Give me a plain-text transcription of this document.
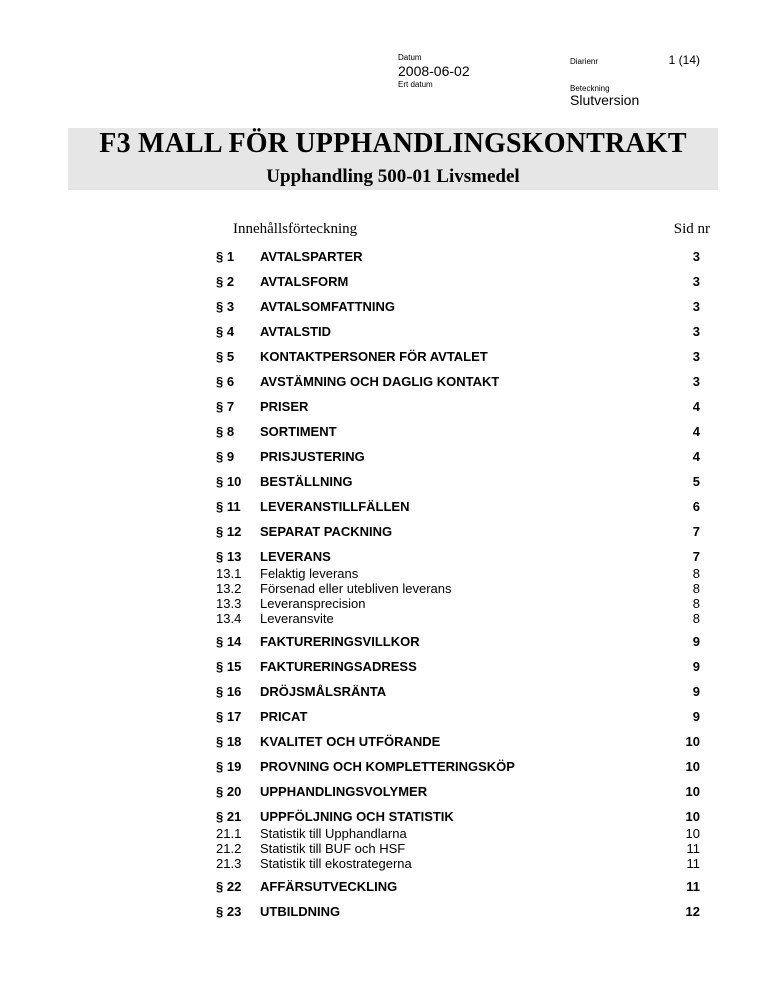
Datum
2008-06-02
Ert datum
Diarienr	1 (14)
Beteckning
Slutversion
F3 MALL FÖR UPPHANDLINGSKONTRAKT
Upphandling 500-01 Livsmedel
Innehållsförteckning	Sid nr
§ 1	AVTALSPARTER	3
§ 2	AVTALSFORM	3
§ 3	AVTALSOMFATTNING	3
§ 4	AVTALSTID	3
§ 5	KONTAKTPERSONER FÖR AVTALET	3
§ 6	AVSTÄMNING OCH DAGLIG KONTAKT	3
§ 7	PRISER	4
§ 8	SORTIMENT	4
§ 9	PRISJUSTERING	4
§ 10	BESTÄLLNING	5
§ 11	LEVERANSTILLFÄLLEN	6
§ 12	SEPARAT PACKNING	7
§ 13	LEVERANS	7
13.1	Felaktig leverans	8
13.2	Försenad eller utebliven leverans	8
13.3	Leveransprecision	8
13.4	Leveransvite	8
§ 14	FAKTURERINGSVILLKOR	9
§ 15	FAKTURERINGSADRESS	9
§ 16	DRÖJSMÅLSRÄNTA	9
§ 17	PRICAT	9
§ 18	KVALITET OCH UTFÖRANDE	10
§ 19	PROVNING OCH KOMPLETTERINGSKÖP	10
§ 20	UPPHANDLINGSVOLYMER	10
§ 21	UPPFÖLJNING OCH STATISTIK	10
21.1	Statistik till Upphandlarna	10
21.2	Statistik till BUF och HSF	11
21.3	Statistik till ekostrategerna	11
§ 22	AFFÄRSUTVECKLING	11
§ 23	UTBILDNING	12
